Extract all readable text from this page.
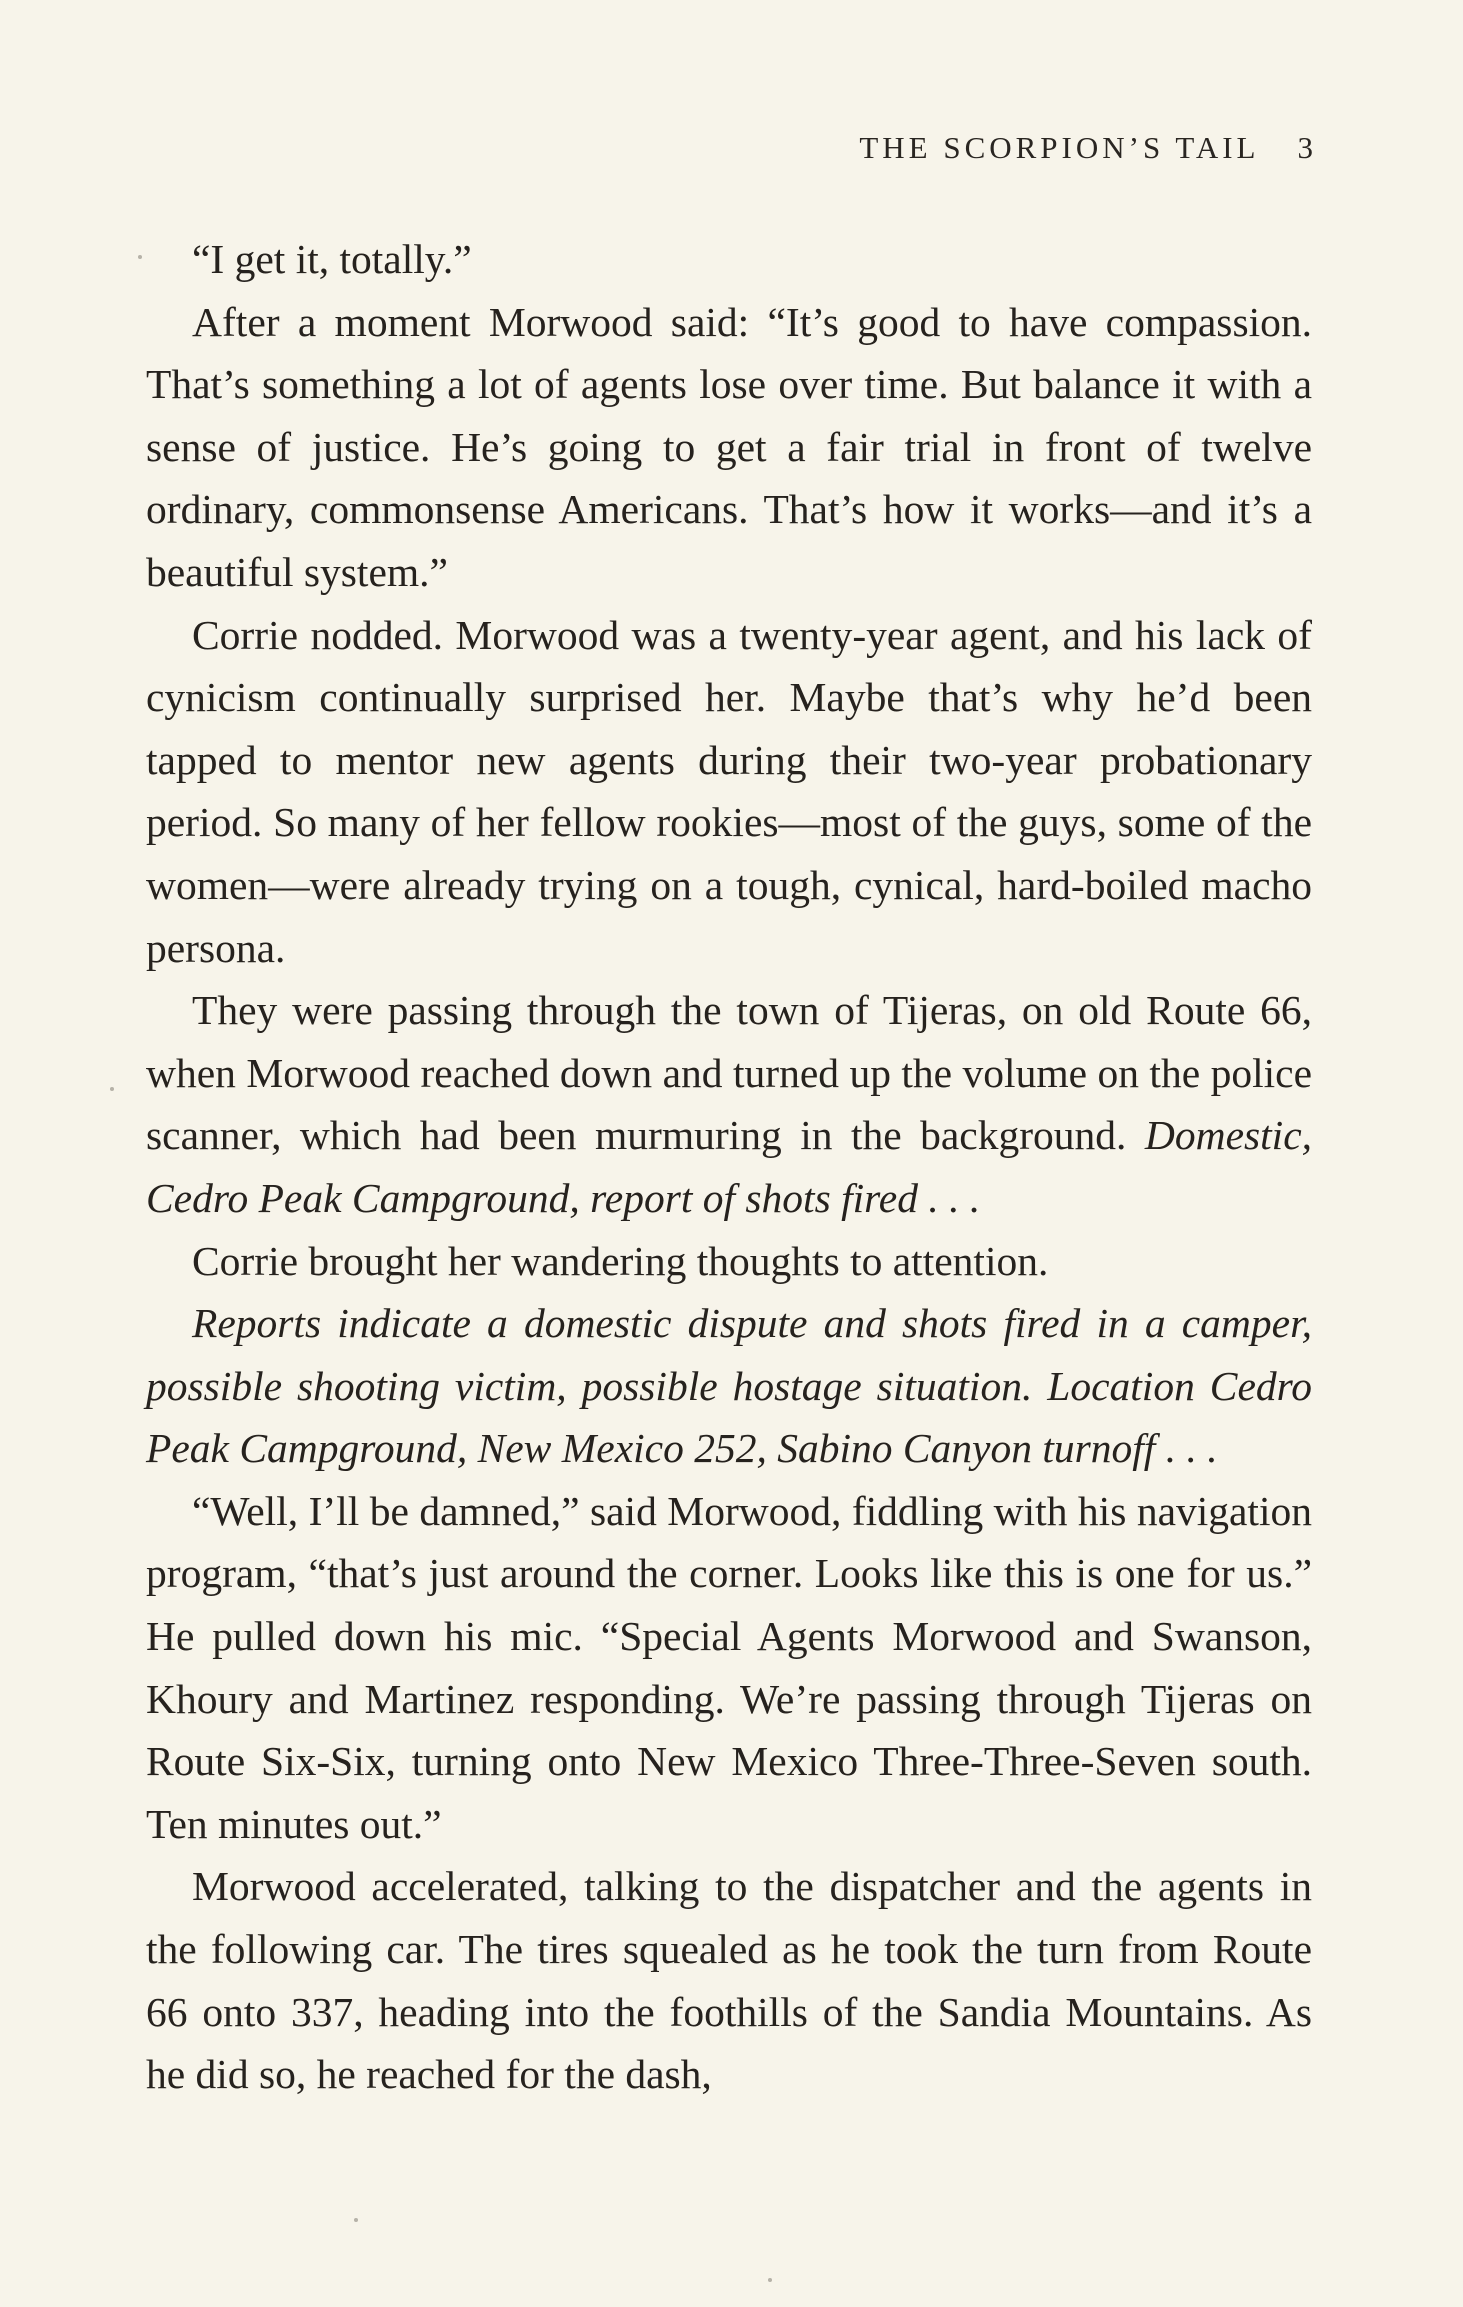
THE SCORPION’S TAIL 3

“I get it, totally.”

After a moment Morwood said: “It’s good to have compassion. That’s something a lot of agents lose over time. But balance it with a sense of justice. He’s going to get a fair trial in front of twelve ordinary, commonsense Americans. That’s how it works—and it’s a beautiful system.”

Corrie nodded. Morwood was a twenty-year agent, and his lack of cynicism continually surprised her. Maybe that’s why he’d been tapped to mentor new agents during their two-year probationary period. So many of her fellow rookies—most of the guys, some of the women—were already trying on a tough, cynical, hard-boiled macho persona.

They were passing through the town of Tijeras, on old Route 66, when Morwood reached down and turned up the volume on the police scanner, which had been murmuring in the background. Domestic, Cedro Peak Campground, report of shots fired . . .

Corrie brought her wandering thoughts to attention.

Reports indicate a domestic dispute and shots fired in a camper, possible shooting victim, possible hostage situation. Location Cedro Peak Campground, New Mexico 252, Sabino Canyon turnoff . . .

“Well, I’ll be damned,” said Morwood, fiddling with his navigation program, “that’s just around the corner. Looks like this is one for us.” He pulled down his mic. “Special Agents Morwood and Swanson, Khoury and Martinez responding. We’re passing through Tijeras on Route Six-Six, turning onto New Mexico Three-Three-Seven south. Ten minutes out.”

Morwood accelerated, talking to the dispatcher and the agents in the following car. The tires squealed as he took the turn from Route 66 onto 337, heading into the foothills of the Sandia Mountains. As he did so, he reached for the dash,
